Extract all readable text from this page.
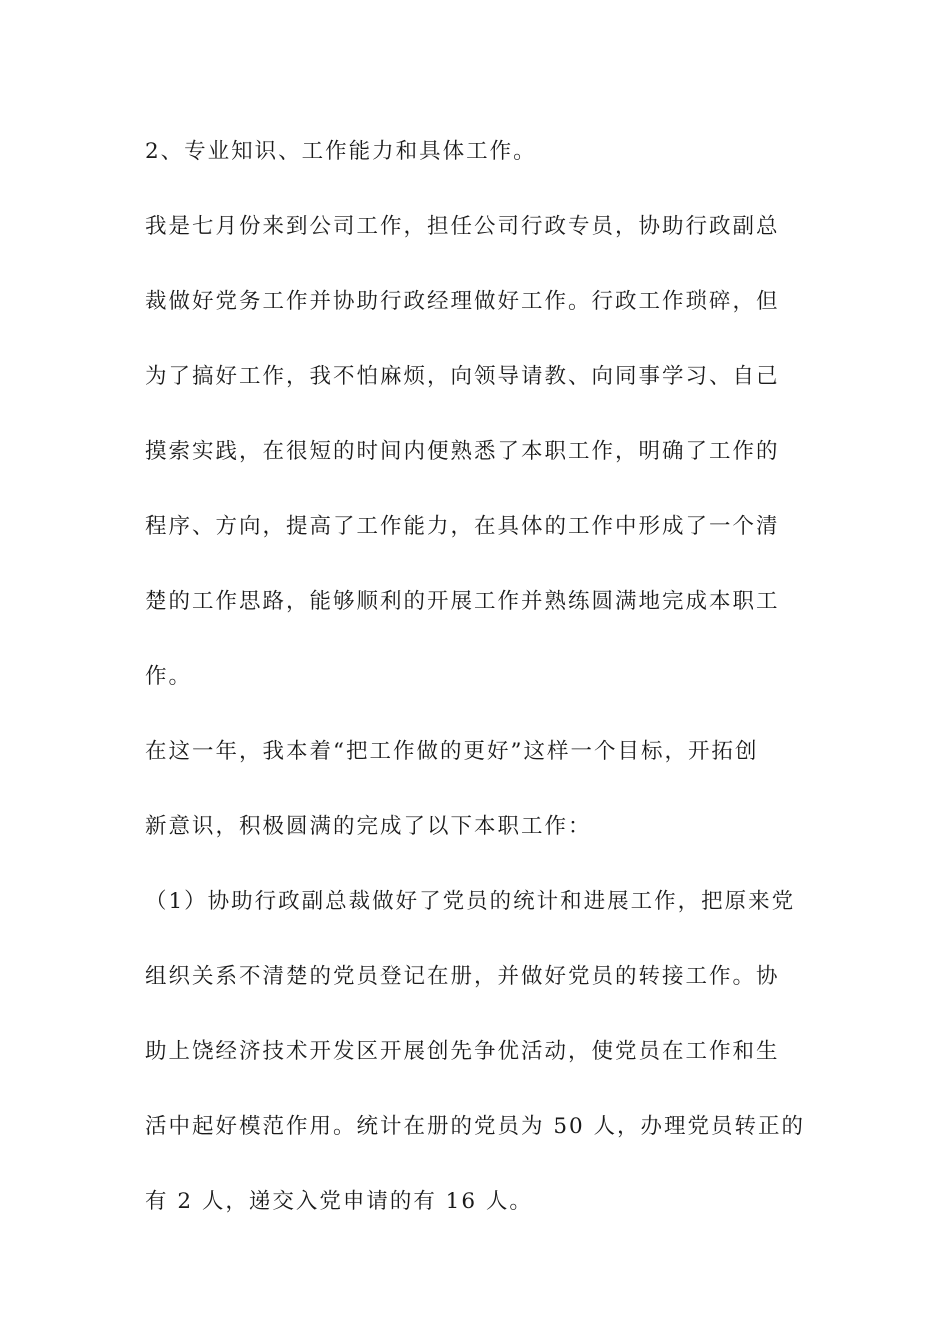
2、专业知识、工作能力和具体工作。
我是七月份来到公司工作，担任公司行政专员，协助行政副总
裁做好党务工作并协助行政经理做好工作。行政工作琐碎，但
为了搞好工作，我不怕麻烦，向领导请教、向同事学习、自己
摸索实践，在很短的时间内便熟悉了本职工作，明确了工作的
程序、方向，提高了工作能力，在具体的工作中形成了一个清
楚的工作思路，能够顺利的开展工作并熟练圆满地完成本职工
作。
在这一年，我本着“把工作做的更好”这样一个目标，开拓创
新意识，积极圆满的完成了以下本职工作：
（1）协助行政副总裁做好了党员的统计和进展工作，把原来党
组织关系不清楚的党员登记在册，并做好党员的转接工作。协
助上饶经济技术开发区开展创先争优活动，使党员在工作和生
活中起好模范作用。统计在册的党员为 50 人，办理党员转正的
有 2 人，递交入党申请的有 16 人。
